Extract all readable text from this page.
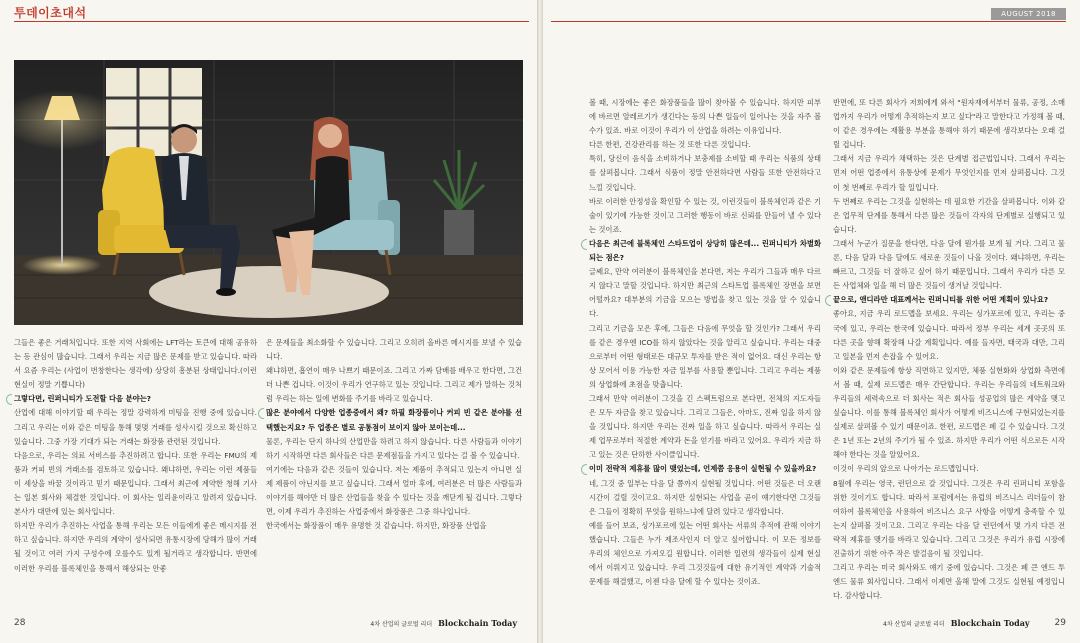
투데이초대석

그들은 좋은 거래처입니다. 또한 지역 사회에는 LFT라는 토큰에 대해 공유하는 등 관심이 많습니다. 그래서 우리는 지금 많은 문제를 받고 있습니다. 따라서 요즘 우리는 (사업이 번창한다는 생각에) 상당히 흥분된 상태입니다.(이런 현실이 정말 기쁩니다)

그렇다면, 린퍼니티가 도전할 다음 분야는?

산업에 대해 이야기할 때 우리는 정말 강력하게 미팅을 진행 중에 있습니다. 그리고 우리는 이와 같은 미팅을 통해 몇몇 거래를 성사시킬 것으로 확신하고 있습니다. 그중 가장 기대가 되는 거래는 화장품 관련된 것입니다.

다음으로, 우리는 의료 서비스를 추진하려고 합니다. 또한 우리는 FMU의 제품과 커피 빈의 거래소를 검토하고 있습니다. 왜냐하면, 우리는 이런 제품들이 세상을 바꿀 것이라고 믿기 때문입니다. 그래서 최근에 계약한 청해 기사는 일본 회사와 체결한 것입니다. 이 회사는 일리윤이라고 알려져 있습니다. 본사가 대만에 있는 회사입니다.

하지만 우리가 추진하는 사업을 통해 우리는 모든 이들에게 좋은 메시지를 전하고 싶습니다. 하지만 우리의 계약이 성사되면 유통시장에 당해가 많이 거래될 것이고 여러 가지 구성수에 오를수도 있게 될거라고 생각합니다. 반면에 이러한 우리를 블록체인을 통해서 해상되는 안좋

은 문제들을 최소화할 수 있습니다. 그리고 오히려 올바른 메시지를 보낼 수 있습니다.

왜냐하면, 흡연이 매우 나쁘기 때문이죠. 그리고 가짜 담배를 배우고 한다면, 그건 더 나쁜 겁니다. 이것이 우리가 연구하고 있는 것입니다. 그리고 제가 말하는 것처럼 우리는 하는 일에 변화를 주기를 바라고 있습니다.

많은 분야에서 다양한 업종중에서 왜? 하필 화장품이나 커피 빈 같은 분야를 선택했는지요? 두 업종은 별로 공통점이 보이지 않아 보이는데...

물론, 우리는 단지 하나의 산업만을 하려고 하지 않습니다. 다른 사람들과 이야기하기 시작하면 다른 회사들은 다른 문제점들을 가지고 있다는 걸 볼 수 있습니다.

여기에는 다음과 같은 것들이 있습니다. 저는 제품이 추적되고 있는지 아니면 실제 제품이 아닌지를 보고 싶습니다. 그래서 얼마 후에, 여러분은 더 많은 사람들과 이야기를 해야만 더 많은 산업들을 찾을 수 있다는 것을 깨닫게 될 겁니다. 그렇다면, 이제 우리가 추진하는 사업중에서 화장품은 그중 하나입니다.

한국에서는 화장품이 매우 유명한 것 같습니다. 하지만, 화장품 산업을

28	4차 산업의 글로벌 리더 Blockchain Today
AUGUST 2018

볼 때, 시장에는 좋은 화장품들을 많이 찾아볼 수 있습니다. 하지만 피부에 바르면 알레르기가 생긴다는 등의 나쁜 일들이 일어나는 것을 자주 볼 수가 있죠. 바로 이것이 우리가 이 산업을 하려는 이유입니다.

다른 한편, 건강관리를 하는 것 또한 다른 것입니다.

특히, 당신이 음식을 소비하거나 보충제를 소비할 때 우리는 식품의 상태를 살펴봅니다. 그래서 식품이 정말 안전하다면 사람들 또한 안전하다고 느낄 것입니다.

바로 이러한 안정성을 확인할 수 있는 것, 이런것들이 블록체인과 같은 기술이 있기에 가능한 것이고 그러한 행동이 바로 신뢰를 만들어 낼 수 있다는 것이죠.

다음은 최근에 블록체인 스타트업이 상당히 많은데... 린퍼니티가 차별화되는 점은?

글쎄요, 만약 여러분이 블록체인을 본다면, 저는 우리가 그들과 매우 다르지 않다고 말할 것입니다. 하지만 최근의 스타트업 블록체인 장면을 보면 어떨까요? 대부분의 기금을 모으는 방법을 찾고 있는 것을 알 수 있습니다.

그리고 기금을 모은 후에, 그들은 다음에 무엇을 할 것인가? 그래서 우리를 같은 경우엔 ICO를 하지 않았다는 것을 알리고 싶습니다. 우리는 대중으로부터 어떤 형태로든 대규모 투자를 받은 적이 없어요. 대신 우리는 항상 모어서 이용 가능한 자금 일부를 사용할 뿐입니다. 그리고 우리는 제품의 상업화에 초점을 맞춥니다.

그래서 만약 여러분이 그것을 긴 스펙트럼으로 본다면, 전체의 지도자들은 모두 자금을 찾고 있습니다. 그리고 그들은, 아마도, 진짜 일을 하지 않을 것입니다. 하지만 우리는 진짜 일을 하고 싶습니다. 따라서 우리는 실제 업무로부터 적절한 계약과 돈을 얻기를 바라고 있어요. 우리가 지금 하고 있는 것은 단하한 사이클입니다.

이미 전략적 제휴를 많이 맺었는데, 언제쯤 응용이 실현될 수 있을까요?

네, 그것 중 일부는 다음 달 쯤까지 실현될 것입니다. 어떤 것들은 더 오랜 시간이 걸릴 것이고요. 하지만 실현되는 사업을 곧이 얘기한다면 그것들은 그들이 정확히 무엇을 원하느냐에 달려 있다고 생각합니다.

예를 들어 보죠, 싱가포르에 있는 어떤 회사는 서류의 추적에 관해 이야기했습니다. 그들은 누가 제조사인지 더 알고 싶어합니다. 이 모든 정보를 우리의 체인으로 가져오길 원합니다. 이러한 일련의 생각들이 실제 현실에서 이뤄지고 있습니다. 우리 그것것들에 대한 유기적인 계약과 기술적 문제를 해결했고, 이젠 다음 달에 할 수 있다는 것이죠.

반면에, 또 다른 회사가 저희에게 와서 "원자재에서부터 물류, 공정, 소매업까지 우리가 어떻게 추적하는지 보고 싶다"라고 말한다고 가정해 볼 때, 이 같은 경우에는 재활용 부분을 통해야 하기 때문에 생각보다는 오래 걸릴 겁니다.

그래서 지금 우리가 채택하는 것은 단계별 접근법입니다. 그래서 우리는 먼저 어떤 업종에서 유통상에 문제가 무엇인지를 먼저 살펴봅니다. 그것이 첫 번째로 우리가 할 일입니다.

두 번째로 우리는 그것을 실현하는 데 필요한 기간을 살펴봅니다. 이와 같은 업무적 단계를 통해서 다른 많은 것들이 각자의 단계별로 실행되고 있습니다.

그래서 누군가 질문을 한다면, 다음 달에 뭔가를 보게 될 거다. 그리고 물론, 다음 달과 다음 달에도 새로운 것들이 나올 것이다. 왜냐하면, 우리는 빠르고, 그것들 더 잘하고 싶어 하기 때문입니다. 그래서 우리가 다른 모든 사업체와 일을 해 더 많은 것들이 생겨날 것입니다.

끝으로, 앤디라만 대표께서는 린퍼니티를 위한 어떤 계획이 있나요?

좋아요, 지금 우리 로드맵을 보세요. 우리는 싱가포르에 있고, 우리는 중국에 있고, 우리는 한국에 있습니다. 따라서 정부 우리는 세계 곳곳의 또 다른 곳을 향해 확장해 나갈 계획입니다. 예를 들자면, 태국과 대만, 그리고 일본을 먼저 손잡을 수 있어요.

이와 같은 문제들에 항상 직면하고 있지만, 체품 실현화와 상업화 측면에서 볼 때, 실제 로드맵은 매우 간단합니다. 우리는 우리들의 네트워크와 우리들의 세력속으로 더 회사는 적은 회사들 성공업의 많은 계약을 맺고 싶습니다. 이를 통해 블록체인 회사가 어떻게 비즈니스에 구현되었는지를 실제로 살펴볼 수 있기 때문이죠. 한편, 로드맵은 폐 길 수 있습니다. 그것은 1년 또는 2년의 주기가 될 수 있죠. 하지만 우리가 어떤 식으로든 시작해야 한다는 것을 알았어요.

이것이 우리의 앞으로 나아가는 로드맵입니다.

8월에 우리는 영국, 런던으로 갈 것입니다. 그것은 우리 린퍼니티 포함을 위한 것이기도 합니다. 따라서 포럼에서는 유럽의 비즈니스 리더들이 참여하여 블록체인을 사용하여 비즈니스 요구 사항을 어떻게 충족할 수 있는지 살펴볼 것이고요. 그리고 우리는 다음 달 런던에서 몇 가지 다른 전략적 제휴를 맺기를 바라고 있습니다. 그리고 그것은 우리가 유럽 시장에 진출하기 위한 아주 작은 발걸음이 될 것입니다.

그리고 우리는 미국 회사와도 얘기 중에 있습니다. 그것은 폐 큰 엔드 투엔드 물류 회사입니다. 그래서 이제면 올해 말에 그것도 실현될 예정입니다. 감사합니다.

4차 산업의 글로벌 리더 Blockchain Today	29
